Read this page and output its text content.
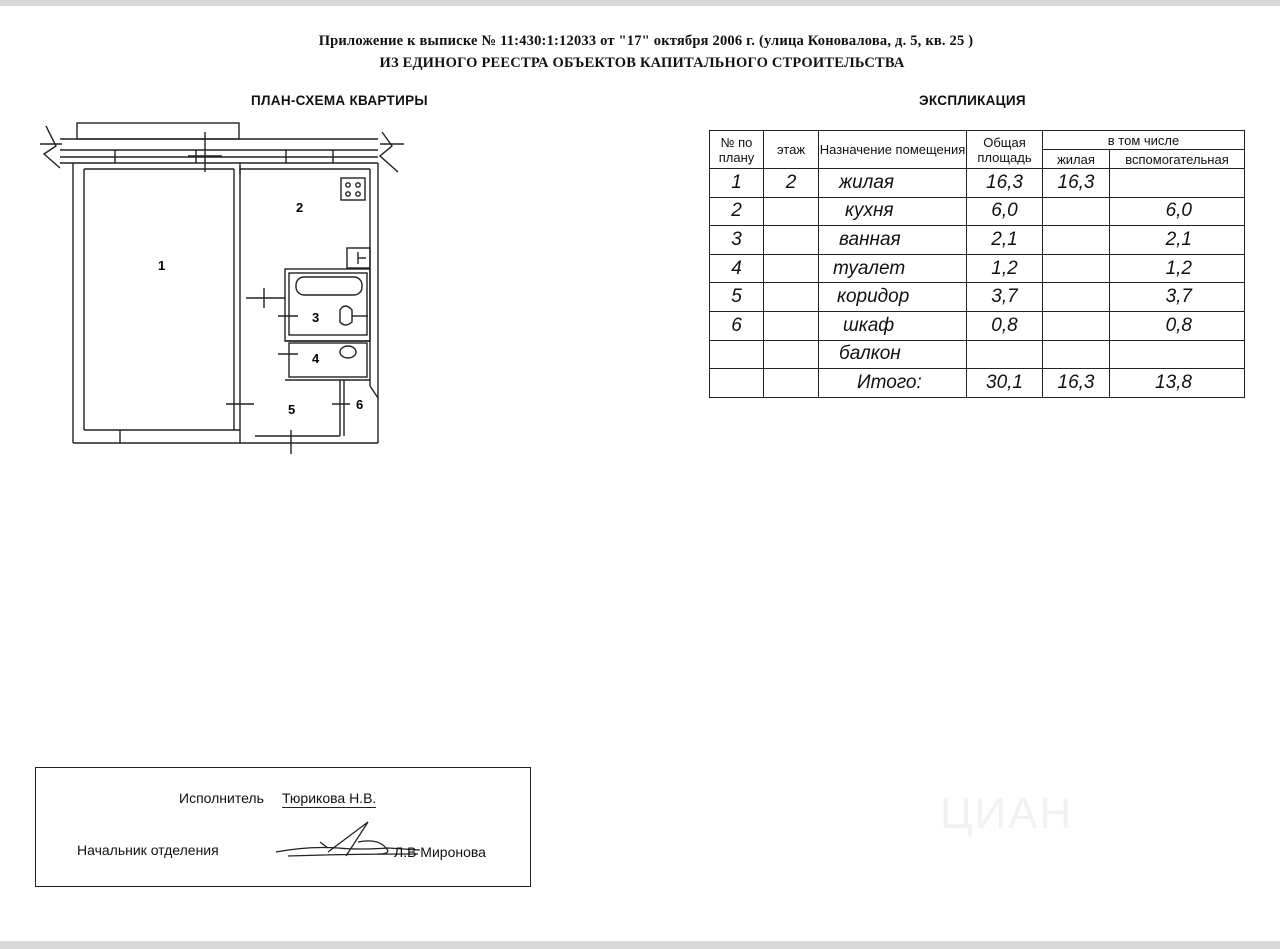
Приложение к выписке № 11:430:1:12033 от "17" октября 2006 г. (улица Коновалова, д. 5, кв. 25 )
ИЗ ЕДИНОГО РЕЕСТРА ОБЪЕКТОВ КАПИТАЛЬНОГО СТРОИТЕЛЬСТВА
ПЛАН-СХЕМА КВАРТИРЫ	ЭКСПЛИКАЦИЯ
1
2
3
4
5	6
№ по плану	этаж	Назначение помещения	Общая площадь	в том числе	
				жилая	вспомогательная
1	2	жилая	16,3	16,3	
2		кухня	6,0		6,0
3		ванная	2,1		2,1
4		туалет	1,2		1,2
5		коридор	3,7		3,7
6		шкаф	0,8		0,8
		балкон			
		Итого:	30,1	16,3	13,8
Исполнитель Тюрикова Н.В.
Начальник отделения	Л.В Миронова
ЦИАН
